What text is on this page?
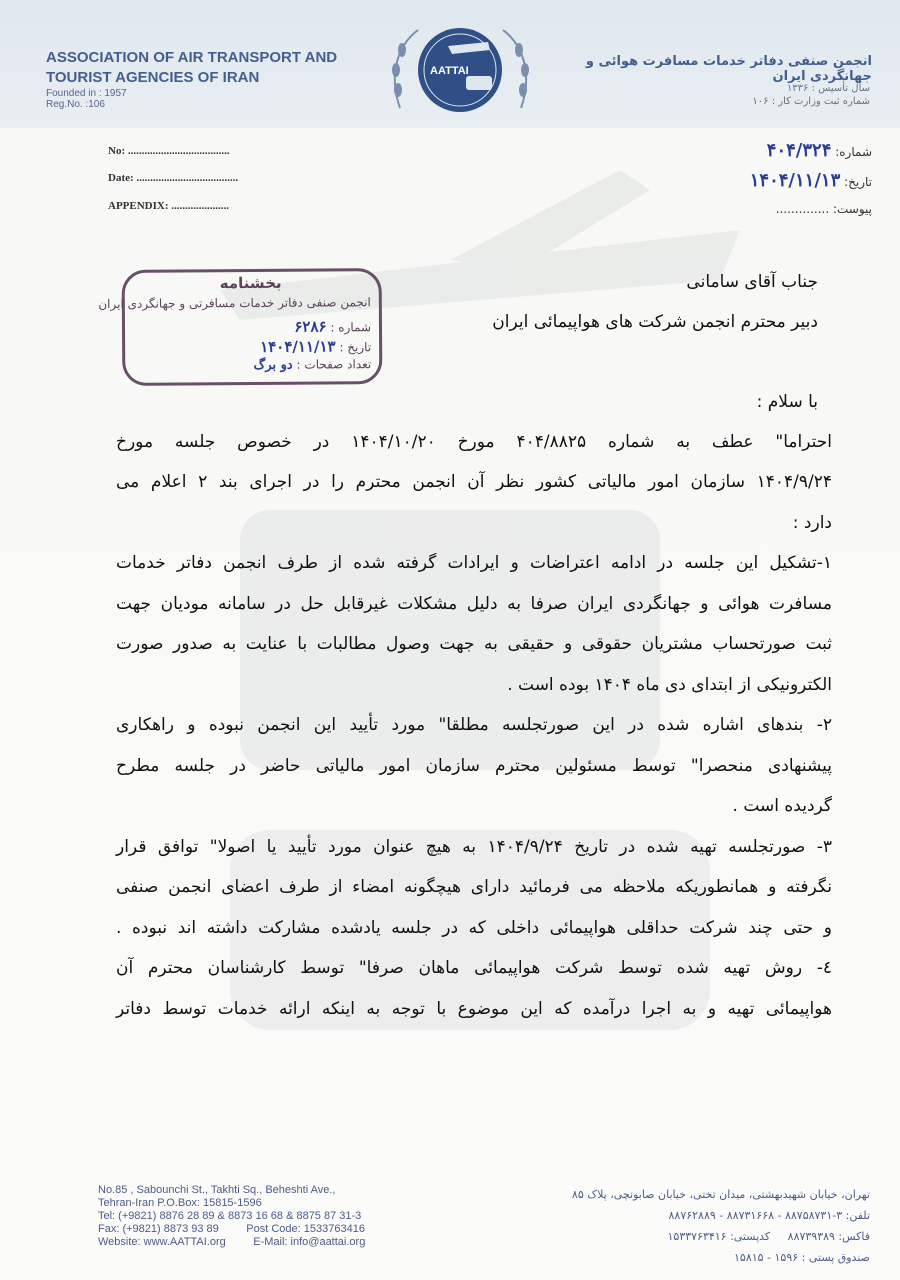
ASSOCIATION OF AIR TRANSPORT AND
TOURIST AGENCIES OF IRAN
Founded in : 1957
Reg.No. :106
AATTAI
انجمن صنفی دفاتر خدمات مسافرت هوائی و جهانگردی ایران
سال تأسیس : ۱۳۳۶
شماره ثبت وزارت کار : ۱۰۶
No: .....................................
Date: .....................................
APPENDIX: .....................
شماره: ۴۰۴/۳۲۴
تاریخ: ۱۴۰۴/۱۱/۱۳
پیوست: ..............
بخشنامه
انجمن صنفی دفاتر خدمات مسافرتی و جهانگردی ایران
شماره : ۶۲۸۶
تاریخ : ۱۴۰۴/۱۱/۱۳
تعداد صفحات : دو برگ
جناب آقای سامانی
دبیر محترم انجمن شرکت های هواپیمائی ایران
با سلام :
احتراما" عطف به شماره ۴۰۴/۸۸۲۵ مورخ ۱۴۰۴/۱۰/۲۰ در خصوص جلسه مورخ
۱۴۰۴/۹/۲۴ سازمان امور مالیاتی کشور نظر آن انجمن محترم را در اجرای بند ۲ اعلام می
دارد :
۱-تشکیل این جلسه در ادامه اعتراضات و ایرادات گرفته شده از طرف انجمن دفاتر خدمات
مسافرت هوائی و جهانگردی ایران صرفا به دلیل مشکلات غیرقابل حل در سامانه مودیان جهت
ثبت صورتحساب مشتریان حقوقی و حقیقی به جهت وصول مطالبات با عنایت به صدور صورت
الکترونیکی از ابتدای دی ماه ۱۴۰۴ بوده است .
۲- بندهای اشاره شده در این صورتجلسه مطلقا" مورد تأیید این انجمن نبوده و راهکاری
پیشنهادی منحصرا" توسط مسئولین محترم سازمان امور مالیاتی حاضر در جلسه مطرح
گردیده است .
۳- صورتجلسه تهیه شده در تاریخ ۱۴۰۴/۹/۲۴ به هیچ عنوان مورد تأیید یا اصولا" توافق قرار
نگرفته و همانطوریکه ملاحظه می فرمائید دارای هیچگونه امضاء از طرف اعضای انجمن صنفی
و حتی چند شرکت حداقلی هواپیمائی داخلی که در جلسه یادشده مشارکت داشته اند نبوده .
٤- روش تهیه شده توسط شرکت هواپیمائی ماهان صرفا" توسط کارشناسان محترم آن
هواپیمائی تهیه و به اجرا درآمده که این موضوع با توجه به اینکه ارائه خدمات توسط دفاتر
No.85 , Sabounchi St., Takhti Sq., Beheshti Ave.,
Tehran-Iran P.O.Box: 15815-1596
Tel: (+9821) 8876 28 89 & 8873 16 68 & 8875 87 31-3
Fax: (+9821) 8873 93 89         Post Code: 1533763416
Website: www.AATTAI.org         E-Mail: info@aattai.org
تهران، خیابان شهیدبهشتی، میدان تختی، خیابان صابونچی، پلاک ۸۵
تلفن: ۳-۸۸۷۵۸۷۳۱ - ۸۸۷۳۱۶۶۸ - ۸۸۷۶۲۸۸۹
فاکس: ۸۸۷۳۹۳۸۹     کدپستی: ۱۵۳۳۷۶۳۴۱۶
صندوق پستی : ۱۵۹۶ - ۱۵۸۱۵
